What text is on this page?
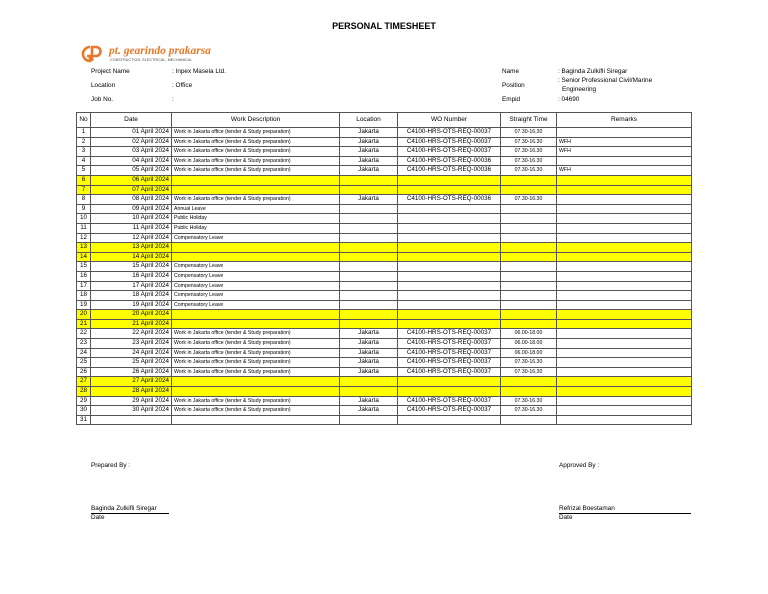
PERSONAL TIMESHEET
pt. gearindo prakarsa
CONSTRUCTION, ELECTRICAL, MECHANICAL
Project Name	: Inpex Masela Ltd.
Location	: Office
Job No.	:
Name	: Baginda Zulkifli Siregar
Position
: Senior Professional Civil/Marine
Engineering
Empid	: 04690
No	Date	Work Description	Location	WO Number	Straight Time	Remarks
1	01 April 2024	Work in Jakarta office (tender & Study preparation)	Jakarta	C4100-HRS-OTS-REQ-00037	07.30-16.30	
2	02 April 2024	Work in Jakarta office (tender & Study preparation)	Jakarta	C4100-HRS-OTS-REQ-00037	07.30-16.30	WFH
3	03 April 2024	Work in Jakarta office (tender & Study preparation)	Jakarta	C4100-HRS-OTS-REQ-00037	07.30-16.30	WFH
4	04 April 2024	Work in Jakarta office (tender & Study preparation)	Jakarta	C4100-HRS-OTS-REQ-00036	07.30-16.30	
5	05 April 2024	Work in Jakarta office (tender & Study preparation)	Jakarta	C4100-HRS-OTS-REQ-00036	07.30-16.30	WFH
6	06 April 2024					
7	07 April 2024					
8	08 April 2024	Work in Jakarta office (tender & Study preparation)	Jakarta	C4100-HRS-OTS-REQ-00036	07.30-16.30	
9	09 April 2024	Annual Leave				
10	10 April 2024	Public Holiday				
11	11 April 2024	Public Holiday				
12	12 April 2024	Compensatory Leave				
13	13 April 2024					
14	14 April 2024					
15	15 April 2024	Compensatory Leave				
16	16 April 2024	Compensatory Leave				
17	17 April 2024	Compensatory Leave				
18	18 April 2024	Compensatory Leave				
19	19 April 2024	Compensatory Leave				
20	20 April 2024					
21	21 April 2024					
22	22 April 2024	Work in Jakarta office (tender & Study preparation)	Jakarta	C4100-HRS-OTS-REQ-00037	06.00-18.00	
23	23 April 2024	Work in Jakarta office (tender & Study preparation)	Jakarta	C4100-HRS-OTS-REQ-00037	06.00-18.00	
24	24 April 2024	Work in Jakarta office (tender & Study preparation)	Jakarta	C4100-HRS-OTS-REQ-00037	06.00-18.00	
25	25 April 2024	Work in Jakarta office (tender & Study preparation)	Jakarta	C4100-HRS-OTS-REQ-00037	07.30-16.30	
26	26 April 2024	Work in Jakarta office (tender & Study preparation)	Jakarta	C4100-HRS-OTS-REQ-00037	07.30-16.30	
27	27 April 2024					
28	28 April 2024					
29	29 April 2024	Work in Jakarta office (tender & Study preparation)	Jakarta	C4100-HRS-OTS-REQ-00037	07.30-16.30	
30	30 April 2024	Work in Jakarta office (tender & Study preparation)	Jakarta	C4100-HRS-OTS-REQ-00037	07.30-16.30	
31						
Prepared By :	Approved By :
Baginda Zulkifli Siregar
Date
Refrizal Boestaman
Date
